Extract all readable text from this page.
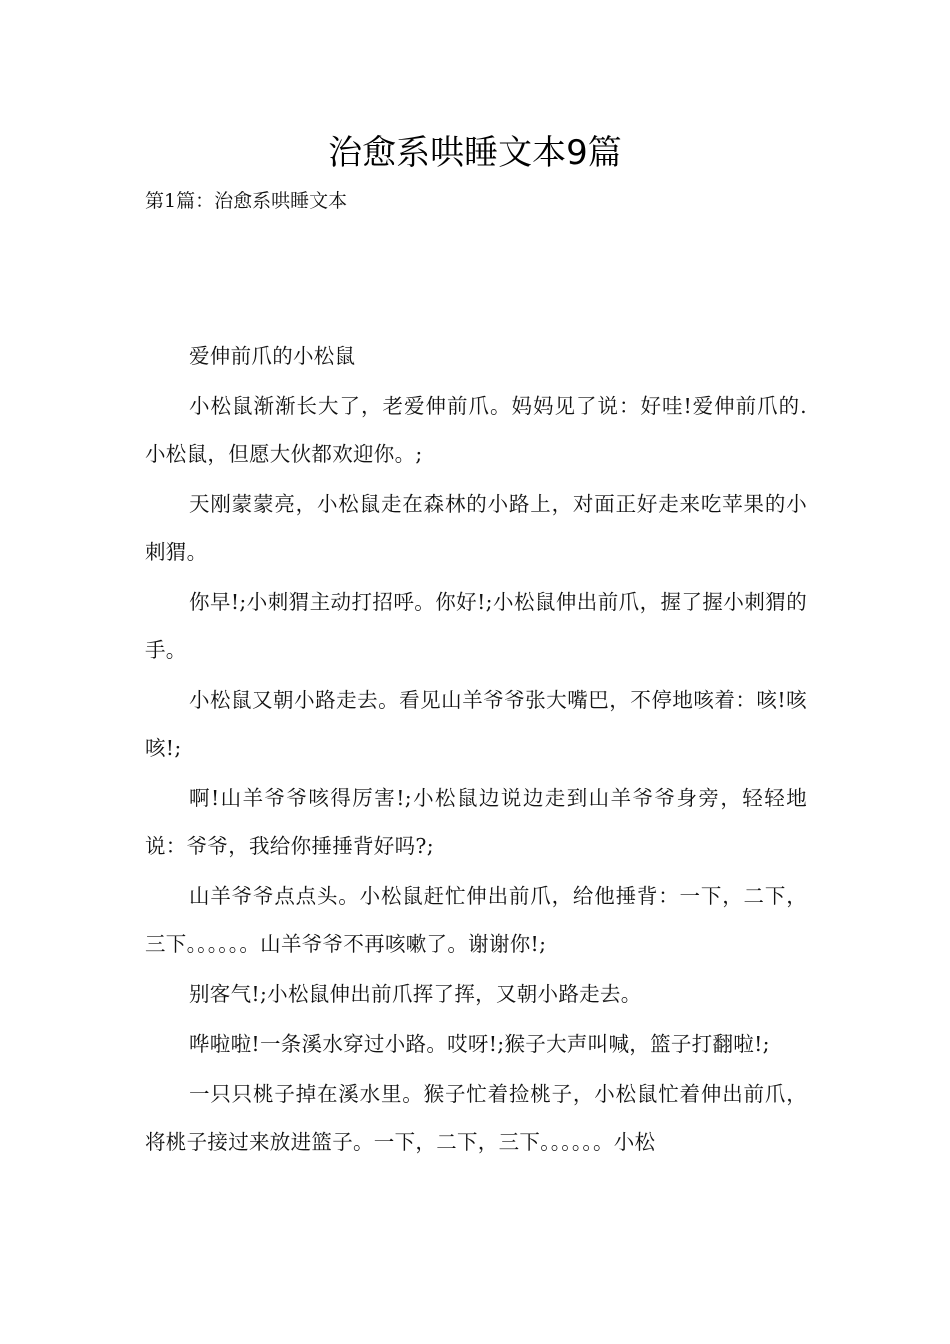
治愈系哄睡文本9篇
第1篇：治愈系哄睡文本

爱伸前爪的小松鼠

小松鼠渐渐长大了，老爱伸前爪。妈妈见了说：好哇!爱伸前爪的.小松鼠，但愿大伙都欢迎你。;

天刚蒙蒙亮，小松鼠走在森林的小路上，对面正好走来吃苹果的小刺猬。

你早!;小刺猬主动打招呼。你好!;小松鼠伸出前爪，握了握小刺猬的手。

小松鼠又朝小路走去。看见山羊爷爷张大嘴巴，不停地咳着：咳!咳咳!;

啊!山羊爷爷咳得厉害!;小松鼠边说边走到山羊爷爷身旁，轻轻地说：爷爷，我给你捶捶背好吗?;

山羊爷爷点点头。小松鼠赶忙伸出前爪，给他捶背：一下，二下，三下。。。。。。山羊爷爷不再咳嗽了。谢谢你!;

别客气!;小松鼠伸出前爪挥了挥，又朝小路走去。

哗啦啦!一条溪水穿过小路。哎呀!;猴子大声叫喊，篮子打翻啦!;

一只只桃子掉在溪水里。猴子忙着捡桃子，小松鼠忙着伸出前爪，将桃子接过来放进篮子。一下，二下，三下。。。。。。小松
